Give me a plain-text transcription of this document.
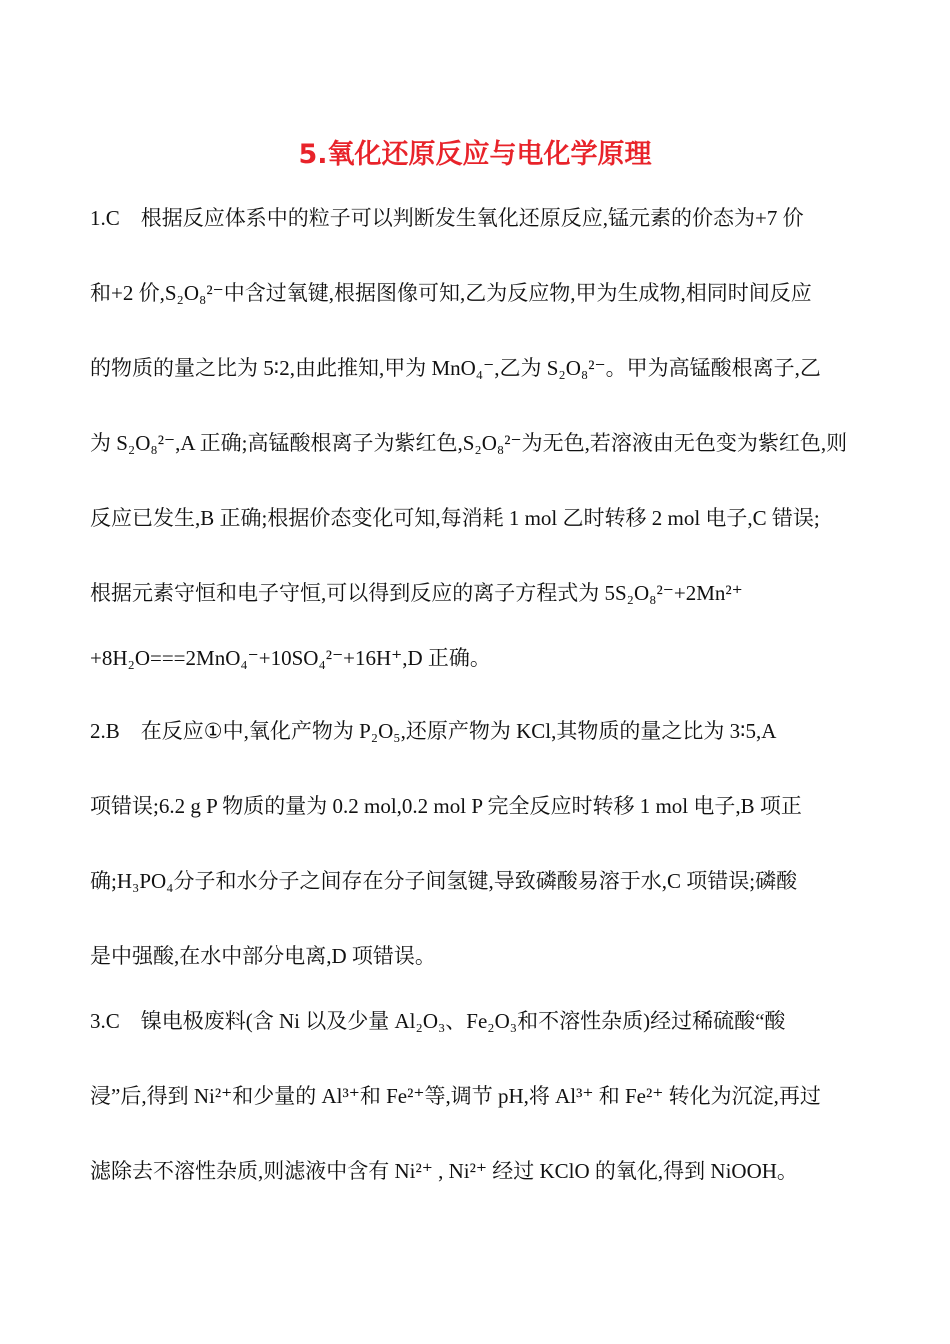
5.氧化还原反应与电化学原理
1.C　根据反应体系中的粒子可以判断发生氧化还原反应,锰元素的价态为+7 价
和+2 价,S₂O₈²⁻中含过氧键,根据图像可知,乙为反应物,甲为生成物,相同时间反应
的物质的量之比为 5∶2,由此推知,甲为 MnO₄⁻,乙为 S₂O₈²⁻。甲为高锰酸根离子,乙
为 S₂O₈²⁻,A 正确;高锰酸根离子为紫红色,S₂O₈²⁻为无色,若溶液由无色变为紫红色,则
反应已发生,B 正确;根据价态变化可知,每消耗 1 mol 乙时转移 2 mol 电子,C 错误;
根据元素守恒和电子守恒,可以得到反应的离子方程式为 5S₂O₈²⁻+2Mn²⁺
+8H₂O===2MnO₄⁻+10SO₄²⁻+16H⁺,D 正确。
2.B　在反应①中,氧化产物为 P₂O₅,还原产物为 KCl,其物质的量之比为 3∶5,A
项错误;6.2 g P 物质的量为 0.2 mol,0.2 mol P 完全反应时转移 1 mol 电子,B 项正
确;H₃PO₄分子和水分子之间存在分子间氢键,导致磷酸易溶于水,C 项错误;磷酸
是中强酸,在水中部分电离,D 项错误。
3.C　镍电极废料(含 Ni 以及少量 Al₂O₃、Fe₂O₃和不溶性杂质)经过稀硫酸“酸
浸”后,得到 Ni²⁺和少量的 Al³⁺和 Fe²⁺等,调节 pH,将 Al³⁺ 和 Fe²⁺ 转化为沉淀,再过
滤除去不溶性杂质,则滤液中含有 Ni²⁺ , Ni²⁺ 经过 KClO 的氧化,得到 NiOOH。
